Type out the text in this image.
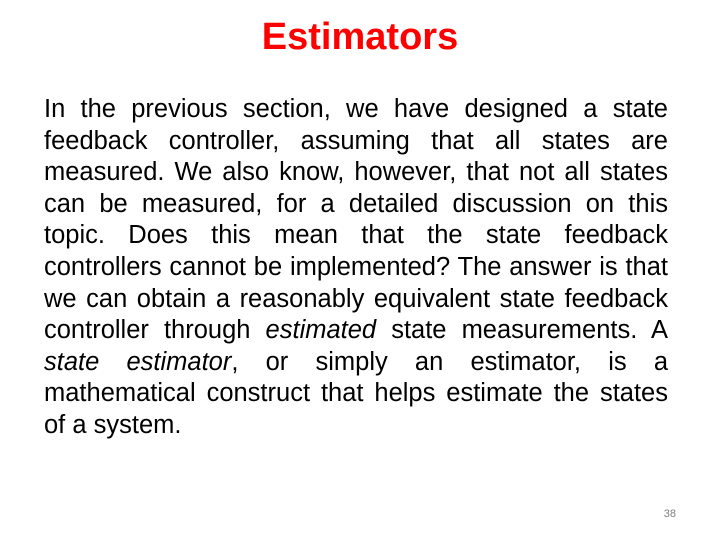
Estimators

In the previous section, we have designed a state feedback controller, assuming that all states are measured. We also know, however, that not all states can be measured, for a detailed discussion on this topic. Does this mean that the state feedback controllers cannot be implemented? The answer is that we can obtain a reasonably equivalent state feedback controller through estimated state measurements. A state estimator, or simply an estimator, is a mathematical construct that helps estimate the states of a system.

38
